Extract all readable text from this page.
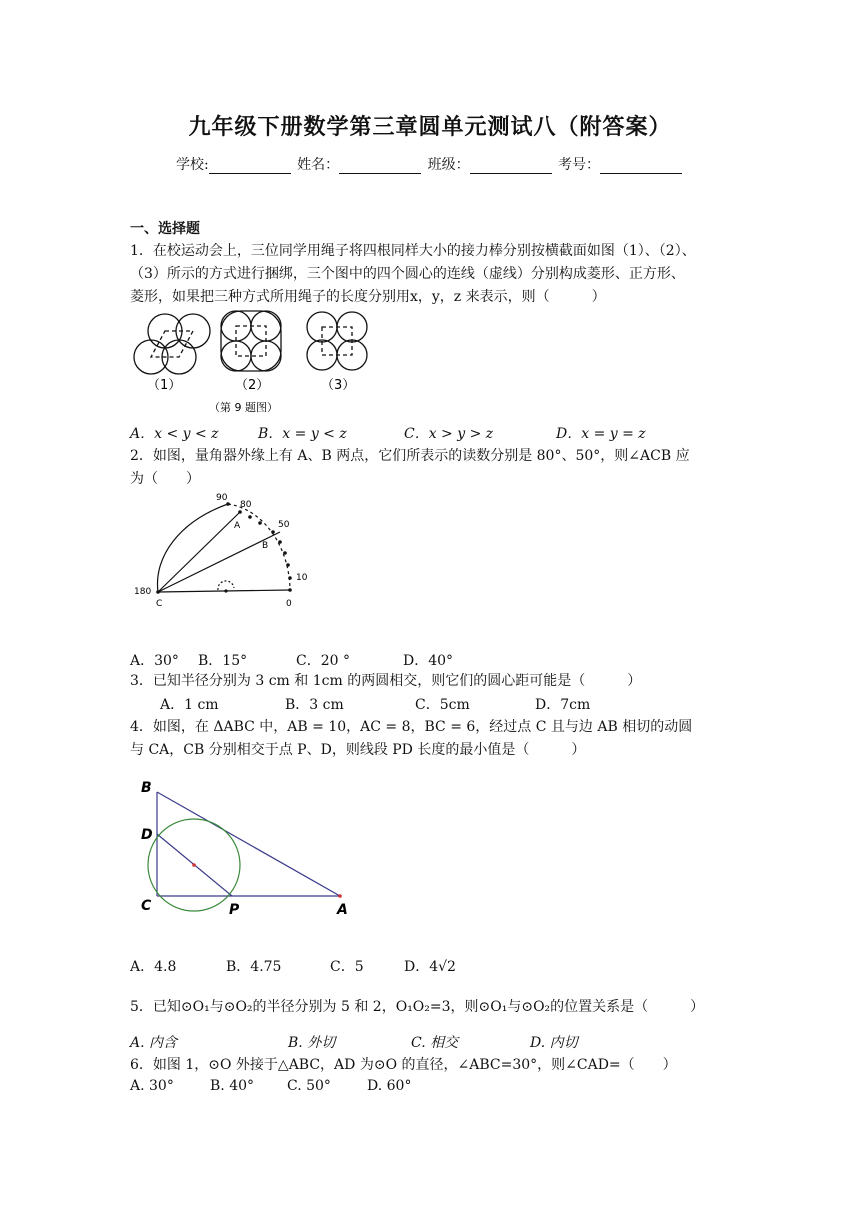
九年级下册数学第三章圆单元测试八（附答案）
学校:	姓名：	班级：	考号：
一、选择题
1．在校运动会上，三位同学用绳子将四根同样大小的接力棒分别按横截面如图（1）、（2）、
（3）所示的方式进行捆绑，三个图中的四个圆心的连线（虚线）分别构成菱形、正方形、
菱形，如果把三种方式所用绳子的长度分别用x，y，z 来表示，则（　　　）
（1）	（2）	（3）
（第 9 题图）
A．x < y < z	B．x = y < z	C．x > y > z	D．x = y = z
2．如图，量角器外缘上有 A、B 两点，它们所表示的读数分别是 80°、50°，则∠ACB 应
为（　　）
90
80
A	50
B
10
180
C	0
A．30° B．15°	C．20 °	D．40°
3．已知半径分别为 3 cm 和 1cm 的两圆相交，则它们的圆心距可能是（　　　）
A．1 cm	B．3 cm	C．5cm	D．7cm
4．如图，在 ΔABC 中，AB = 10，AC = 8，BC = 6，经过点 C 且与边 AB 相切的动圆
与 CA，CB 分别相交于点 P、D，则线段 PD 长度的最小值是（　　　）
B
D
C	P	A
A．4.8	B．4.75	C．5	D．4√2
5．已知⊙O₁与⊙O₂的半径分别为 5 和 2，O₁O₂=3，则⊙O₁与⊙O₂的位置关系是（　　　）
A. 内含	B. 外切	C. 相交	D. 内切
6．如图 1，⊙O 外接于△ABC，AD 为⊙O 的直径，∠ABC=30°，则∠CAD=（　　）
A. 30°	B. 40° C. 50°	D. 60°
